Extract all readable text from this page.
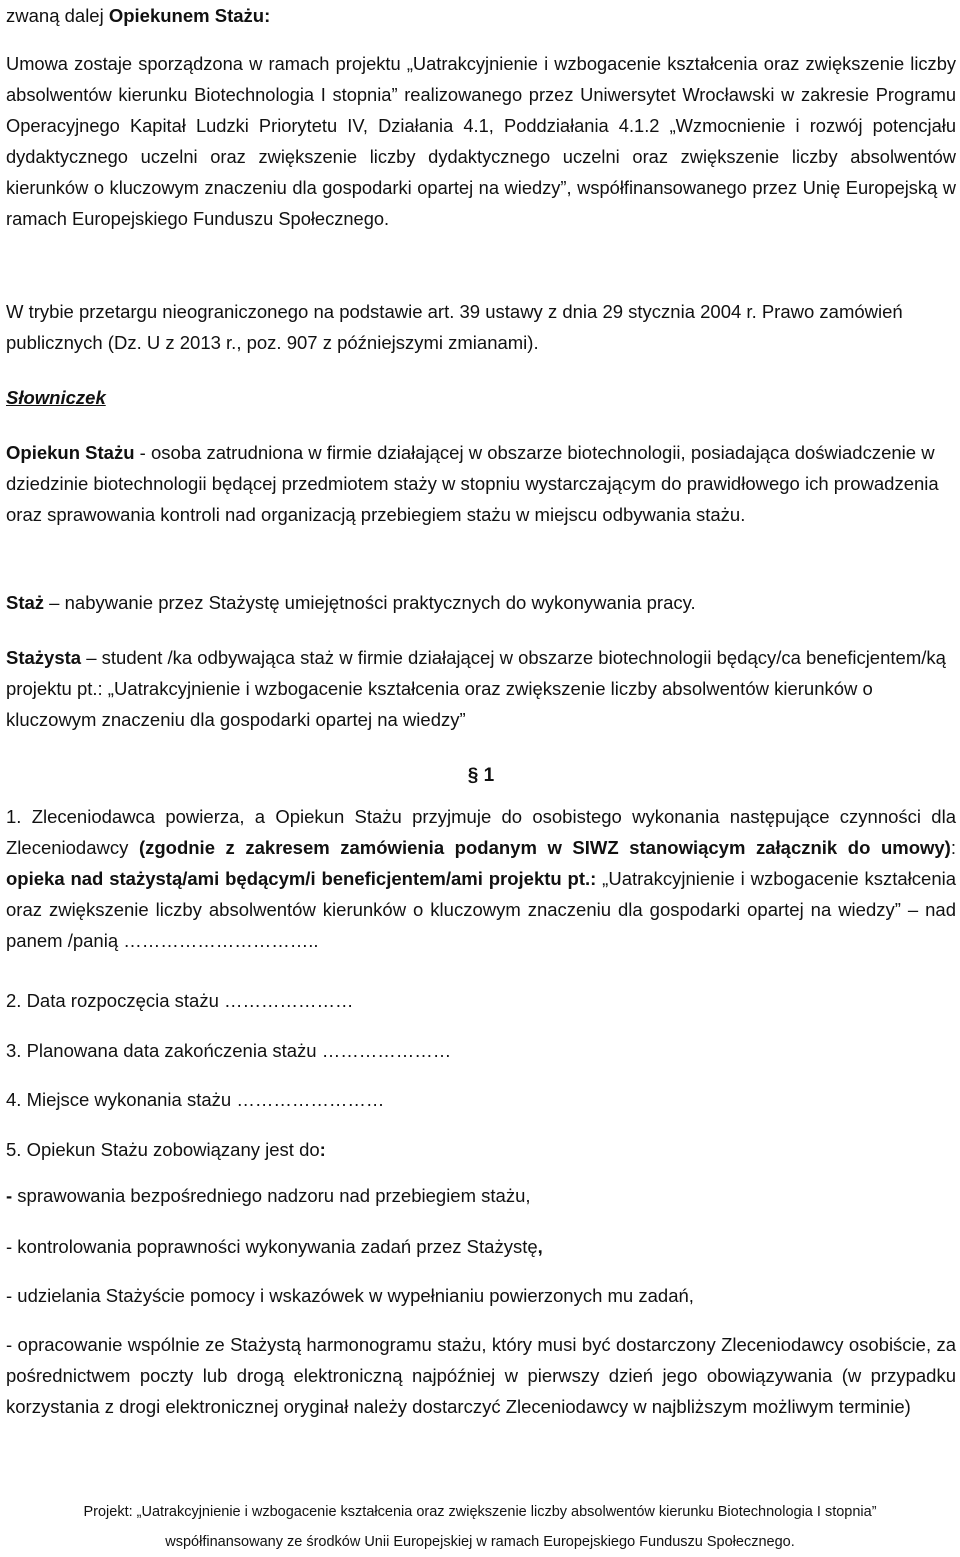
zwaną dalej Opiekunem Stażu:

Umowa zostaje sporządzona w ramach projektu „Uatrakcyjnienie i wzbogacenie kształcenia oraz zwiększenie liczby absolwentów kierunku Biotechnologia I stopnia” realizowanego przez Uniwersytet Wrocławski w zakresie Programu Operacyjnego Kapitał Ludzki Priorytetu IV, Działania 4.1, Poddziałania 4.1.2 „Wzmocnienie i rozwój potencjału dydaktycznego uczelni oraz zwiększenie liczby dydaktycznego uczelni oraz zwiększenie liczby absolwentów kierunków o kluczowym znaczeniu dla gospodarki opartej na wiedzy”, współfinansowanego przez Unię Europejską w ramach Europejskiego Funduszu Społecznego.

W trybie przetargu nieograniczonego na podstawie art. 39 ustawy z dnia 29 stycznia 2004 r. Prawo zamówień publicznych (Dz. U z 2013 r., poz. 907 z późniejszymi zmianami).

Słowniczek

Opiekun Stażu - osoba zatrudniona w firmie działającej w obszarze biotechnologii, posiadająca doświadczenie w dziedzinie biotechnologii będącej przedmiotem staży w stopniu wystarczającym do prawidłowego ich prowadzenia oraz sprawowania kontroli nad organizacją przebiegiem stażu w miejscu odbywania stażu.

Staż – nabywanie przez Stażystę umiejętności praktycznych do wykonywania pracy.

Stażysta – student /ka odbywająca staż w firmie działającej w obszarze biotechnologii będący/ca beneficjentem/ką projektu pt.: „Uatrakcyjnienie i wzbogacenie kształcenia oraz zwiększenie liczby absolwentów kierunków o kluczowym znaczeniu dla gospodarki opartej na wiedzy”

§ 1

1. Zleceniodawca powierza, a Opiekun Stażu przyjmuje do osobistego wykonania następujące czynności dla Zleceniodawcy (zgodnie z zakresem zamówienia podanym w SIWZ stanowiącym załącznik do umowy): opieka nad stażystą/ami będącym/i beneficjentem/ami projektu pt.: „Uatrakcyjnienie i wzbogacenie kształcenia oraz zwiększenie liczby absolwentów kierunków o kluczowym znaczeniu dla gospodarki opartej na wiedzy” – nad panem /panią …………………………..

2. Data rozpoczęcia stażu …………………

3. Planowana data zakończenia stażu …………………

4. Miejsce wykonania stażu ……………………

5. Opiekun Stażu zobowiązany jest do:

- sprawowania bezpośredniego nadzoru nad przebiegiem stażu,

- kontrolowania poprawności wykonywania zadań przez Stażystę,

- udzielania Stażyście pomocy i wskazówek w wypełnianiu powierzonych mu zadań,

- opracowanie wspólnie ze Stażystą harmonogramu stażu, który musi być dostarczony Zleceniodawcy osobiście, za pośrednictwem poczty lub drogą elektroniczną najpóźniej w pierwszy dzień jego obowiązywania (w przypadku korzystania z drogi elektronicznej oryginał należy dostarczyć Zleceniodawcy w najbliższym możliwym terminie)

Projekt: „Uatrakcyjnienie i wzbogacenie kształcenia oraz zwiększenie liczby absolwentów kierunku Biotechnologia I stopnia”
współfinansowany ze środków Unii Europejskiej w ramach Europejskiego Funduszu Społecznego.
